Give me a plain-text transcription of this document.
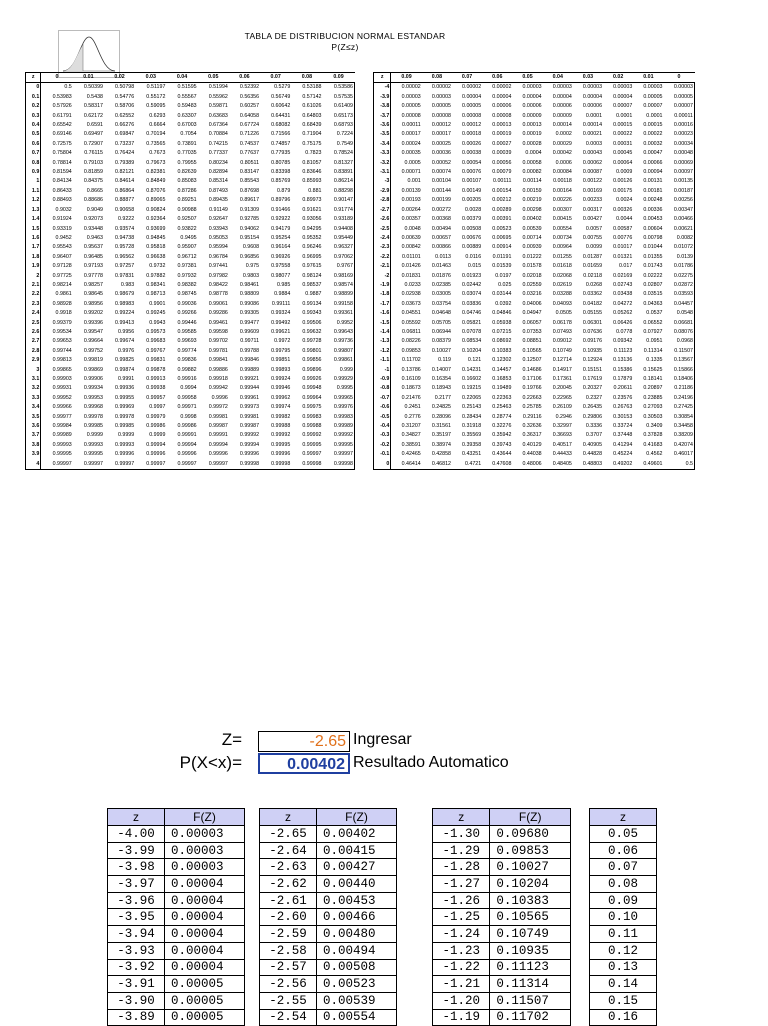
TABLA DE DISTRIBUCION NORMAL ESTANDAR
P(Z≤z)
z	0	0.01	0.02	0.03	0.04	0.05	0.06	0.07	0.08	0.09
0	0.5	0.50399	0.50798	0.51197	0.51595	0.51994	0.52392	0.5279	0.53188	0.53586
0.1	0.53983	0.5438	0.54776	0.55172	0.55567	0.55962	0.56356	0.56749	0.57142	0.57535
0.2	0.57926	0.58317	0.58706	0.59095	0.59483	0.59871	0.60257	0.60642	0.61026	0.61409
0.3	0.61791	0.62172	0.62552	0.6293	0.63307	0.63683	0.64058	0.64431	0.64803	0.65173
0.4	0.65542	0.6591	0.66276	0.6664	0.67003	0.67364	0.67724	0.68082	0.68439	0.68793
0.5	0.69146	0.69497	0.69847	0.70194	0.7054	0.70884	0.71226	0.71566	0.71904	0.7224
0.6	0.72575	0.72907	0.73237	0.73565	0.73891	0.74215	0.74537	0.74857	0.75175	0.7549
0.7	0.75804	0.76115	0.76424	0.7673	0.77035	0.77337	0.77637	0.77935	0.7823	0.78524
0.8	0.78814	0.79103	0.79389	0.79673	0.79955	0.80234	0.80511	0.80785	0.81057	0.81327
0.9	0.81594	0.81859	0.82121	0.82381	0.82639	0.82894	0.83147	0.83398	0.83646	0.83891
1	0.84134	0.84375	0.84614	0.84849	0.85083	0.85314	0.85543	0.85769	0.85993	0.86214
1.1	0.86433	0.8665	0.86864	0.87076	0.87286	0.87493	0.87698	0.879	0.881	0.88298
1.2	0.88493	0.88686	0.88877	0.89065	0.89251	0.89435	0.89617	0.89796	0.89973	0.90147
1.3	0.9032	0.9049	0.90658	0.90824	0.90988	0.91149	0.91309	0.91466	0.91621	0.91774
1.4	0.91924	0.92073	0.9222	0.92364	0.92507	0.92647	0.92785	0.92922	0.93056	0.93189
1.5	0.93319	0.93448	0.93574	0.93699	0.93822	0.93943	0.94062	0.94179	0.94295	0.94408
1.6	0.9452	0.9463	0.94738	0.94845	0.9495	0.95053	0.95154	0.95254	0.95352	0.95449
1.7	0.95543	0.95637	0.95728	0.95818	0.95907	0.95994	0.9608	0.96164	0.96246	0.96327
1.8	0.96407	0.96485	0.96562	0.96638	0.96712	0.96784	0.96856	0.96926	0.96995	0.97062
1.9	0.97128	0.97193	0.97257	0.9732	0.97381	0.97441	0.975	0.97558	0.97615	0.9767
2	0.97725	0.97778	0.97831	0.97882	0.97932	0.97982	0.9803	0.98077	0.98124	0.98169
2.1	0.98214	0.98257	0.983	0.98341	0.98382	0.98422	0.98461	0.985	0.98537	0.98574
2.2	0.9861	0.98645	0.98679	0.98713	0.98745	0.98778	0.98809	0.9884	0.9887	0.98899
2.3	0.98928	0.98956	0.98983	0.9901	0.99036	0.99061	0.99086	0.99111	0.99134	0.99158
2.4	0.9918	0.99202	0.99224	0.99245	0.99266	0.99286	0.99305	0.99324	0.99343	0.99361
2.5	0.99379	0.99396	0.99413	0.9943	0.99446	0.99461	0.99477	0.99492	0.99506	0.9952
2.6	0.99534	0.99547	0.9956	0.99573	0.99585	0.99598	0.99609	0.99621	0.99632	0.99643
2.7	0.99653	0.99664	0.99674	0.99683	0.99693	0.99702	0.99711	0.9972	0.99728	0.99736
2.8	0.99744	0.99752	0.9976	0.99767	0.99774	0.99781	0.99788	0.99795	0.99801	0.99807
2.9	0.99813	0.99819	0.99825	0.99831	0.99836	0.99841	0.99846	0.99851	0.99856	0.99861
3	0.99865	0.99869	0.99874	0.99878	0.99882	0.99886	0.99889	0.99893	0.99896	0.999
3.1	0.99903	0.99906	0.9991	0.99913	0.99916	0.99918	0.99921	0.99924	0.99926	0.99929
3.2	0.99931	0.99934	0.99936	0.99938	0.9994	0.99942	0.99944	0.99946	0.99948	0.9995
3.3	0.99952	0.99953	0.99955	0.99957	0.99958	0.9996	0.99961	0.99962	0.99964	0.99965
3.4	0.99966	0.99968	0.99969	0.9997	0.99971	0.99972	0.99973	0.99974	0.99975	0.99976
3.5	0.99977	0.99978	0.99978	0.99979	0.9998	0.99981	0.99981	0.99982	0.99983	0.99983
3.6	0.99984	0.99985	0.99985	0.99986	0.99986	0.99987	0.99987	0.99988	0.99988	0.99989
3.7	0.99989	0.9999	0.9999	0.9999	0.99991	0.99991	0.99992	0.99992	0.99992	0.99992
3.8	0.99993	0.99993	0.99993	0.99994	0.99994	0.99994	0.99994	0.99995	0.99995	0.99995
3.9	0.99995	0.99995	0.99996	0.99996	0.99996	0.99996	0.99996	0.99996	0.99997	0.99997
4	0.99997	0.99997	0.99997	0.99997	0.99997	0.99997	0.99998	0.99998	0.99998	0.99998
z	0.09	0.08	0.07	0.06	0.05	0.04	0.03	0.02	0.01	0
-4	0.00002	0.00002	0.00002	0.00002	0.00003	0.00003	0.00003	0.00003	0.00003	0.00003
-3.9	0.00003	0.00003	0.00004	0.00004	0.00004	0.00004	0.00004	0.00004	0.00005	0.00005
-3.8	0.00005	0.00005	0.00005	0.00006	0.00006	0.00006	0.00006	0.00007	0.00007	0.00007
-3.7	0.00008	0.00008	0.00008	0.00008	0.00009	0.00009	0.0001	0.0001	0.0001	0.00011
-3.6	0.00011	0.00012	0.00012	0.00013	0.00013	0.00014	0.00014	0.00015	0.00015	0.00016
-3.5	0.00017	0.00017	0.00018	0.00019	0.00019	0.0002	0.00021	0.00022	0.00022	0.00023
-3.4	0.00024	0.00025	0.00026	0.00027	0.00028	0.00029	0.0003	0.00031	0.00032	0.00034
-3.3	0.00035	0.00036	0.00038	0.00039	0.0004	0.00042	0.00043	0.00045	0.00047	0.00048
-3.2	0.0005	0.00052	0.00054	0.00056	0.00058	0.0006	0.00062	0.00064	0.00066	0.00069
-3.1	0.00071	0.00074	0.00076	0.00079	0.00082	0.00084	0.00087	0.0009	0.00094	0.00097
-3	0.001	0.00104	0.00107	0.00111	0.00114	0.00118	0.00122	0.00126	0.00131	0.00135
-2.9	0.00139	0.00144	0.00149	0.00154	0.00159	0.00164	0.00169	0.00175	0.00181	0.00187
-2.8	0.00193	0.00199	0.00205	0.00212	0.00219	0.00226	0.00233	0.0024	0.00248	0.00256
-2.7	0.00264	0.00272	0.0028	0.00289	0.00298	0.00307	0.00317	0.00326	0.00336	0.00347
-2.6	0.00357	0.00368	0.00379	0.00391	0.00402	0.00415	0.00427	0.0044	0.00453	0.00466
-2.5	0.0048	0.00494	0.00508	0.00523	0.00539	0.00554	0.0057	0.00587	0.00604	0.00621
-2.4	0.00639	0.00657	0.00676	0.00695	0.00714	0.00734	0.00755	0.00776	0.00798	0.0082
-2.3	0.00842	0.00866	0.00889	0.00914	0.00939	0.00964	0.0099	0.01017	0.01044	0.01072
-2.2	0.01101	0.0113	0.0116	0.01191	0.01222	0.01255	0.01287	0.01321	0.01355	0.0139
-2.1	0.01426	0.01463	0.015	0.01539	0.01578	0.01618	0.01659	0.017	0.01743	0.01786
-2	0.01831	0.01876	0.01923	0.0197	0.02018	0.02068	0.02118	0.02169	0.02222	0.02275
-1.9	0.0233	0.02385	0.02442	0.025	0.02559	0.02619	0.0268	0.02743	0.02807	0.02872
-1.8	0.02938	0.03005	0.03074	0.03144	0.03216	0.03288	0.03362	0.03438	0.03515	0.03593
-1.7	0.03673	0.03754	0.03836	0.0392	0.04006	0.04093	0.04182	0.04272	0.04363	0.04457
-1.6	0.04551	0.04648	0.04746	0.04846	0.04947	0.0505	0.05155	0.05262	0.0537	0.0548
-1.5	0.05592	0.05705	0.05821	0.05938	0.06057	0.06178	0.06301	0.06426	0.06552	0.06681
-1.4	0.06811	0.06944	0.07078	0.07215	0.07353	0.07493	0.07636	0.0778	0.07927	0.08076
-1.3	0.08226	0.08379	0.08534	0.08692	0.08851	0.09012	0.09176	0.09342	0.0951	0.0968
-1.2	0.09853	0.10027	0.10204	0.10383	0.10565	0.10749	0.10935	0.11123	0.11314	0.11507
-1.1	0.11702	0.119	0.121	0.12302	0.12507	0.12714	0.12924	0.13136	0.1335	0.13567
-1	0.13786	0.14007	0.14231	0.14457	0.14686	0.14917	0.15151	0.15386	0.15625	0.15866
-0.9	0.16109	0.16354	0.16602	0.16853	0.17106	0.17361	0.17619	0.17879	0.18141	0.18406
-0.8	0.18673	0.18943	0.19215	0.19489	0.19766	0.20045	0.20327	0.20611	0.20897	0.21186
-0.7	0.21476	0.2177	0.22065	0.22363	0.22663	0.22965	0.2327	0.23576	0.23885	0.24196
-0.6	0.2451	0.24825	0.25143	0.25463	0.25785	0.26109	0.26435	0.26763	0.27093	0.27425
-0.5	0.2776	0.28096	0.28434	0.28774	0.29116	0.2946	0.29806	0.30153	0.30503	0.30854
-0.4	0.31207	0.31561	0.31918	0.32276	0.32636	0.32997	0.3336	0.33724	0.3409	0.34458
-0.3	0.34827	0.35197	0.35569	0.35942	0.36317	0.36693	0.3707	0.37448	0.37828	0.38209
-0.2	0.38591	0.38974	0.39358	0.39743	0.40129	0.40517	0.40905	0.41294	0.41683	0.42074
-0.1	0.42465	0.42858	0.43251	0.43644	0.44038	0.44433	0.44828	0.45224	0.4562	0.46017
0	0.46414	0.46812	0.4721	0.47608	0.48006	0.48405	0.48803	0.49202	0.49601	0.5
Z=	-2.65 Ingresar
P(X<x)=	0.00402 Resultado Automatico
z	F(Z)
-4.00	0.00003
-3.99	0.00003
-3.98	0.00003
-3.97	0.00004
-3.96	0.00004
-3.95	0.00004
-3.94	0.00004
-3.93	0.00004
-3.92	0.00004
-3.91	0.00005
-3.90	0.00005
-3.89	0.00005
z	F(Z)
-2.65	0.00402
-2.64	0.00415
-2.63	0.00427
-2.62	0.00440
-2.61	0.00453
-2.60	0.00466
-2.59	0.00480
-2.58	0.00494
-2.57	0.00508
-2.56	0.00523
-2.55	0.00539
-2.54	0.00554
z	F(Z)
-1.30	0.09680
-1.29	0.09853
-1.28	0.10027
-1.27	0.10204
-1.26	0.10383
-1.25	0.10565
-1.24	0.10749
-1.23	0.10935
-1.22	0.11123
-1.21	0.11314
-1.20	0.11507
-1.19	0.11702
z
0.05
0.06
0.07
0.08
0.09
0.10
0.11
0.12
0.13
0.14
0.15
0.16
